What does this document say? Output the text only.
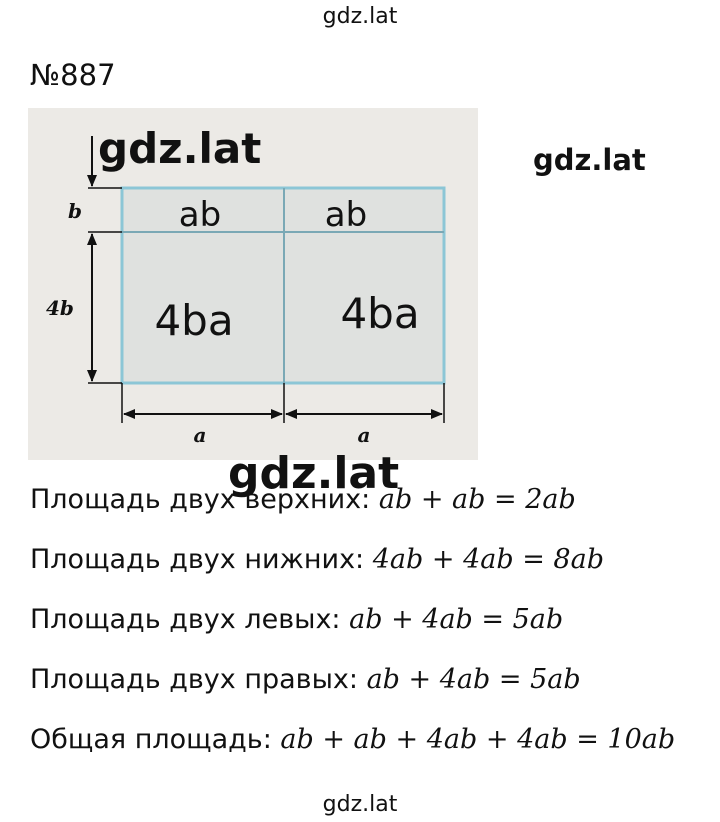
gdz.lat
№887
b
4b
a	a
ab	ab
4ba	4ba
gdz.lat	gdz.lat
gdz.lat
Площадь двух верхних: ab + ab = 2ab
Площадь двух нижних: 4ab + 4ab = 8ab
Площадь двух левых: ab + 4ab = 5ab
Площадь двух правых: ab + 4ab = 5ab
Общая площадь: ab + ab + 4ab + 4ab = 10ab
gdz.lat
